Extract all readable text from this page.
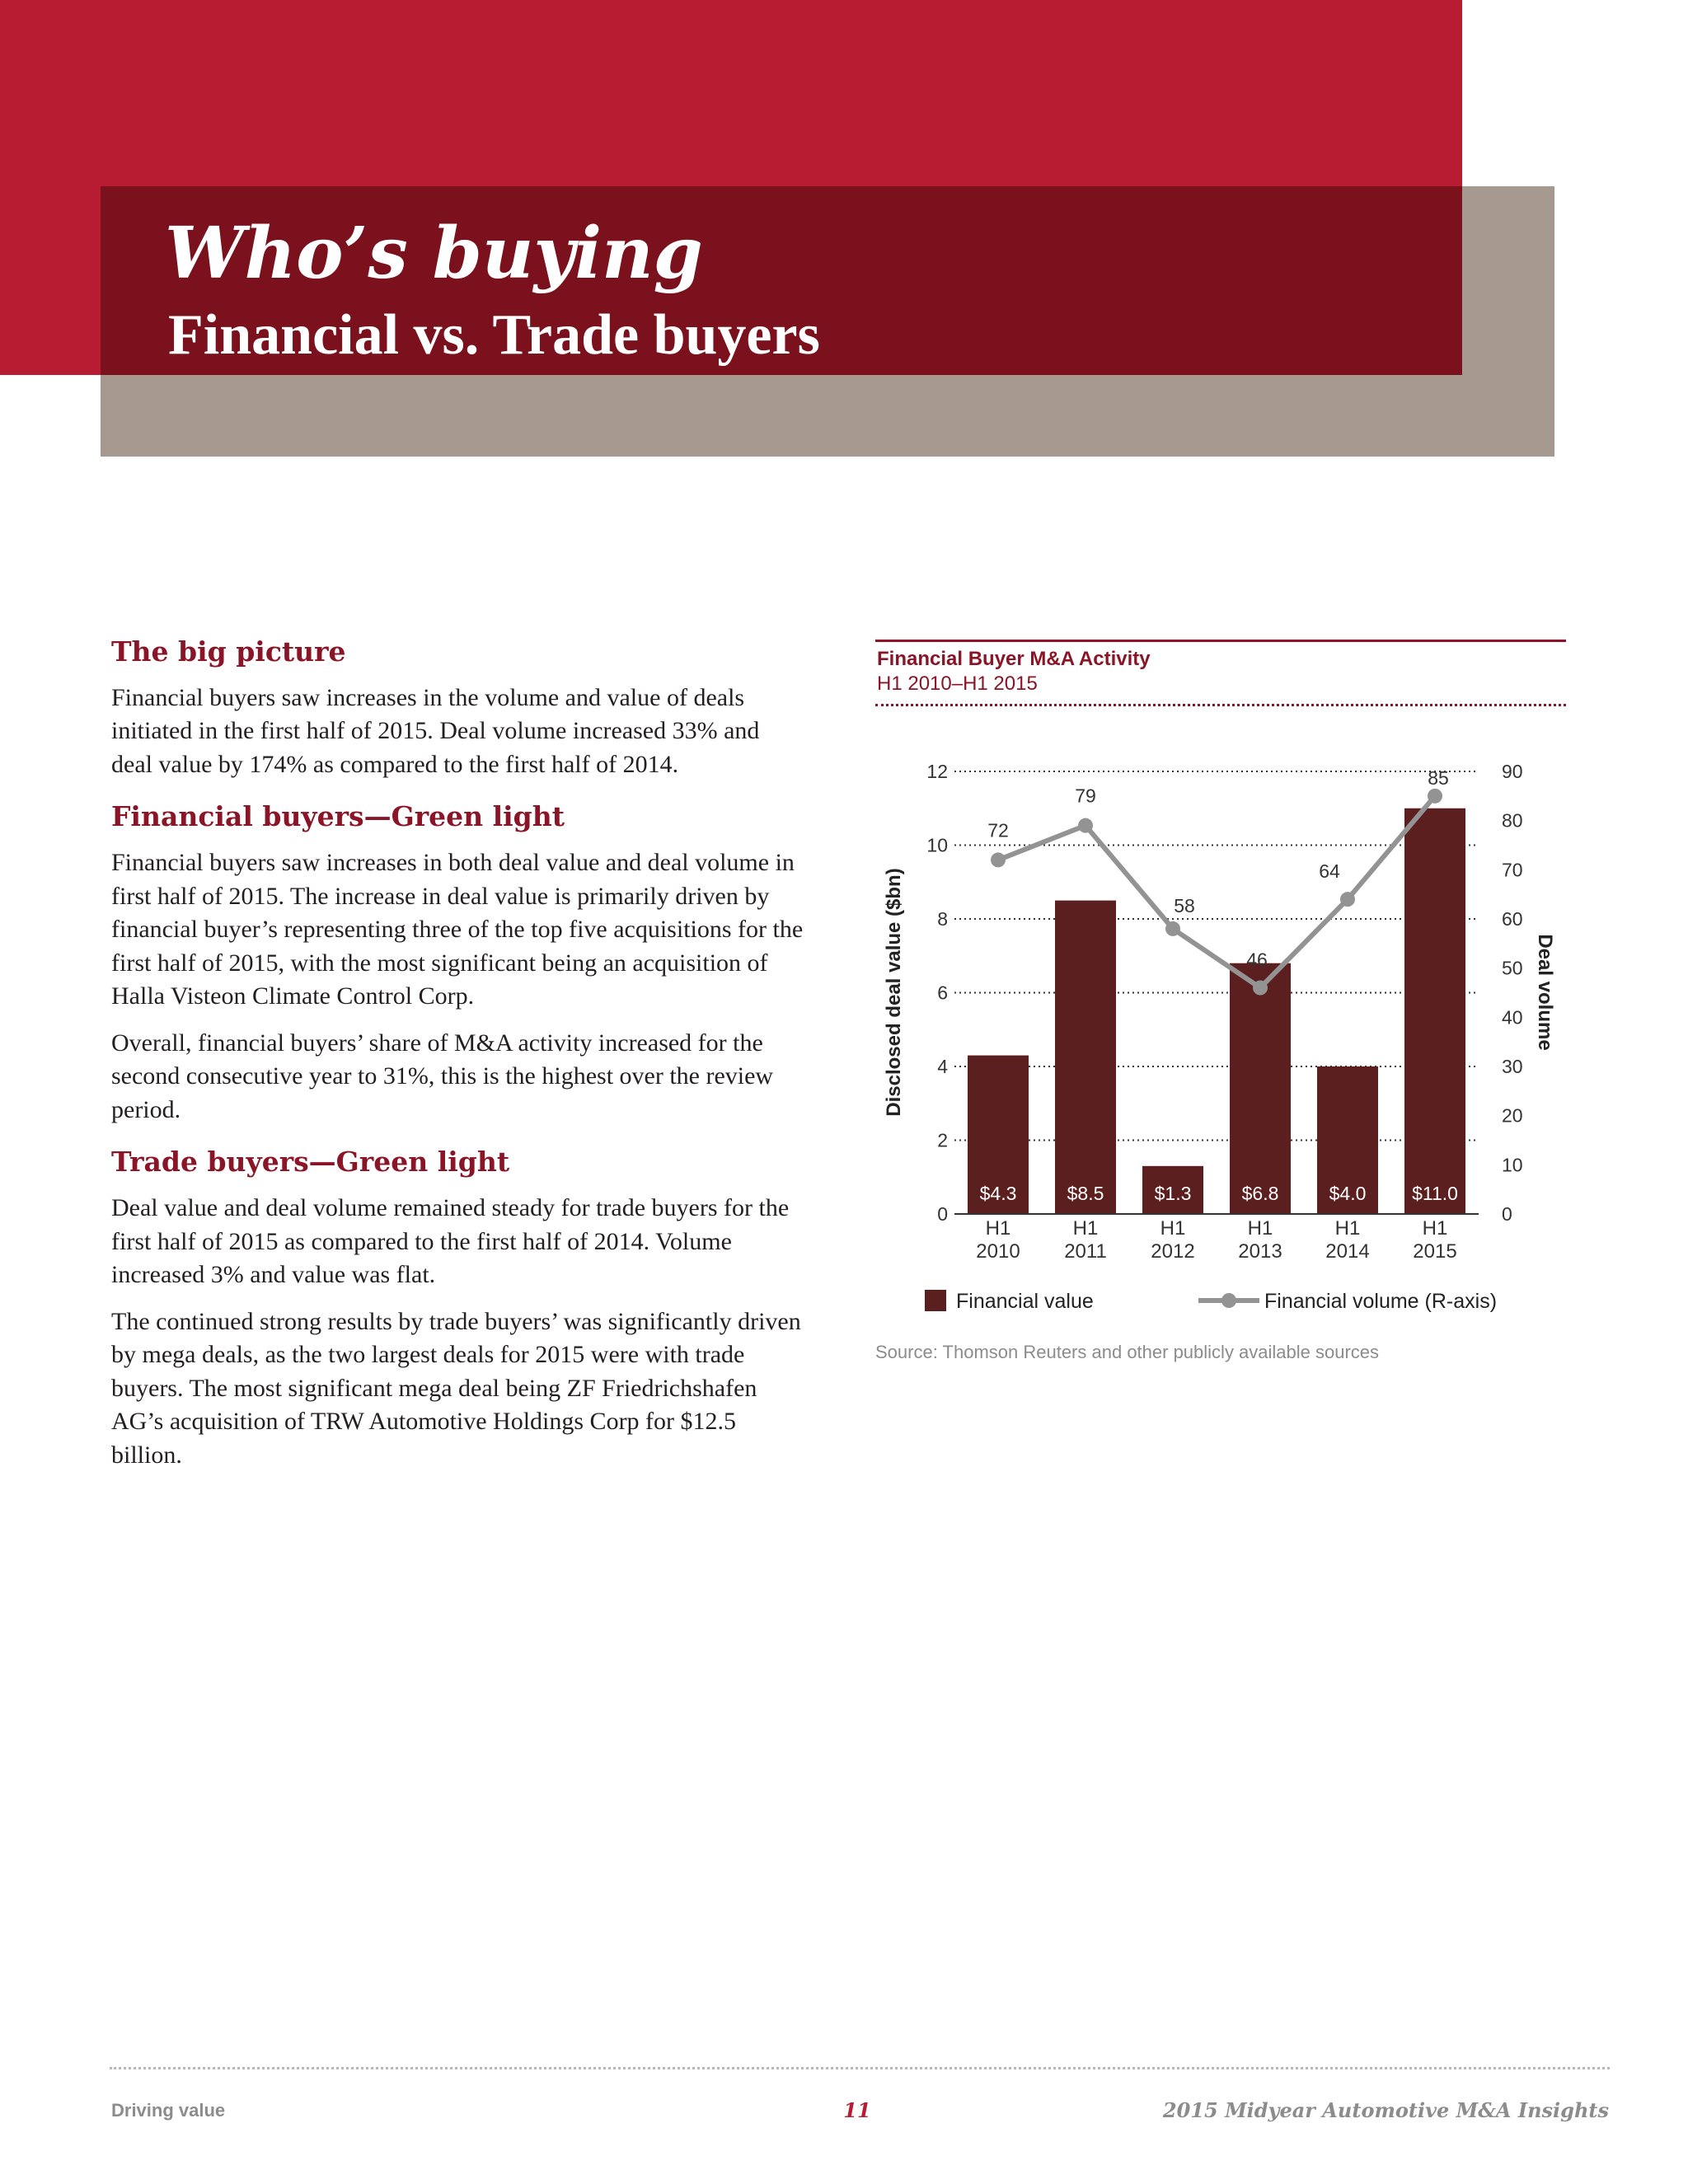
Who’s buying
Financial vs. Trade buyers
The big picture

Financial buyers saw increases in the volume and value of deals initiated in the first half of 2015. Deal volume increased 33% and deal value by 174% as compared to the first half of 2014.

Financial buyers—Green light

Financial buyers saw increases in both deal value and deal volume in first half of 2015. The increase in deal value is primarily driven by financial buyer’s representing three of the top five acquisitions for the first half of 2015, with the most significant being an acquisition of Halla Visteon Climate Control Corp.

Overall, financial buyers’ share of M&A activity increased for the second consecutive year to 31%, this is the highest over the review period.

Trade buyers—Green light

Deal value and deal volume remained steady for trade buyers for the first half of 2015 as compared to the first half of 2014. Volume increased 3% and value was flat.

The continued strong results by trade buyers’ was significantly driven by mega deals, as the two largest deals for 2015 were with trade buyers. The most significant mega deal being ZF Friedrichshafen AG’s acquisition of TRW Automotive Holdings Corp for $12.5 billion.

Financial Buyer M&A Activity

H1 2010–H1 2015

0
2
4
6
8
10
12
0
10
20
30
40
50
60
70
80
90
$4.3	$8.5	$1.3	$6.8	$4.0 $11.0
72
79
58
46
64
85
H1
2010
H1
2011
H1
2012
H1
2013
H1
2014
H1
2015
Disclosed deal value ($bn)	Deal volume
Financial value	Financial volume (R-axis)

Source: Thomson Reuters and other publicly available sources

Driving value	11	2015 Midyear Automotive M&A Insights
